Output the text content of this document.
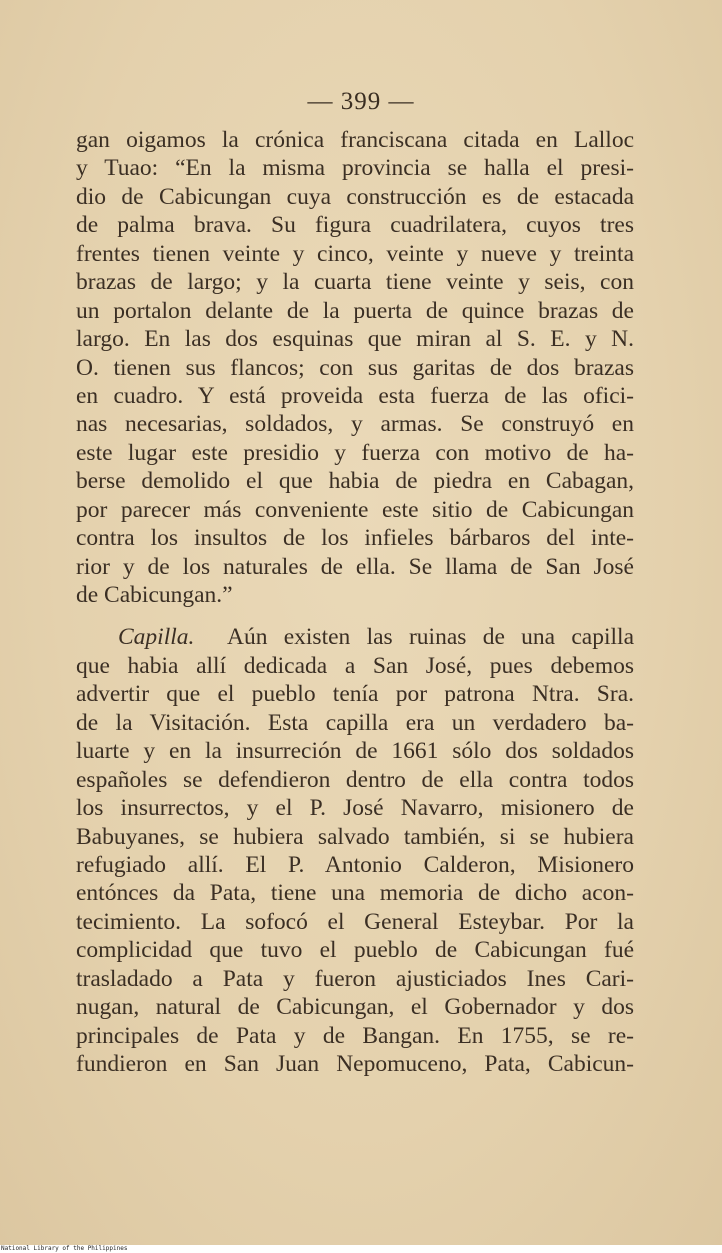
— 399 —
gan oigamos la crónica franciscana citada en Lalloc
y Tuao: “En la misma provincia se halla el presi-
dio de Cabicungan cuya construcción es de estacada
de palma brava. Su figura cuadrilatera, cuyos tres
frentes tienen veinte y cinco, veinte y nueve y treinta
brazas de largo; y la cuarta tiene veinte y seis, con
un portalon delante de la puerta de quince brazas de
largo. En las dos esquinas que miran al S. E. y N.
O. tienen sus flancos; con sus garitas de dos brazas
en cuadro. Y está proveida esta fuerza de las ofici-
nas necesarias, soldados, y armas. Se construyó en
este lugar este presidio y fuerza con motivo de ha-
berse demolido el que habia de piedra en Cabagan,
por parecer más conveniente este sitio de Cabicungan
contra los insultos de los infieles bárbaros del inte-
rior y de los naturales de ella. Se llama de San José
de Cabicungan.”
Capilla. Aún existen las ruinas de una capilla
que habia allí dedicada a San José, pues debemos
advertir que el pueblo tenía por patrona Ntra. Sra.
de la Visitación. Esta capilla era un verdadero ba-
luarte y en la insurreción de 1661 sólo dos soldados
españoles se defendieron dentro de ella contra todos
los insurrectos, y el P. José Navarro, misionero de
Babuyanes, se hubiera salvado también, si se hubiera
refugiado allí. El P. Antonio Calderon, Misionero
entónces da Pata, tiene una memoria de dicho acon-
tecimiento. La sofocó el General Esteybar. Por la
complicidad que tuvo el pueblo de Cabicungan fué
trasladado a Pata y fueron ajusticiados Ines Cari-
nugan, natural de Cabicungan, el Gobernador y dos
principales de Pata y de Bangan. En 1755, se re-
fundieron en San Juan Nepomuceno, Pata, Cabicun-
National Library of the Philippines
